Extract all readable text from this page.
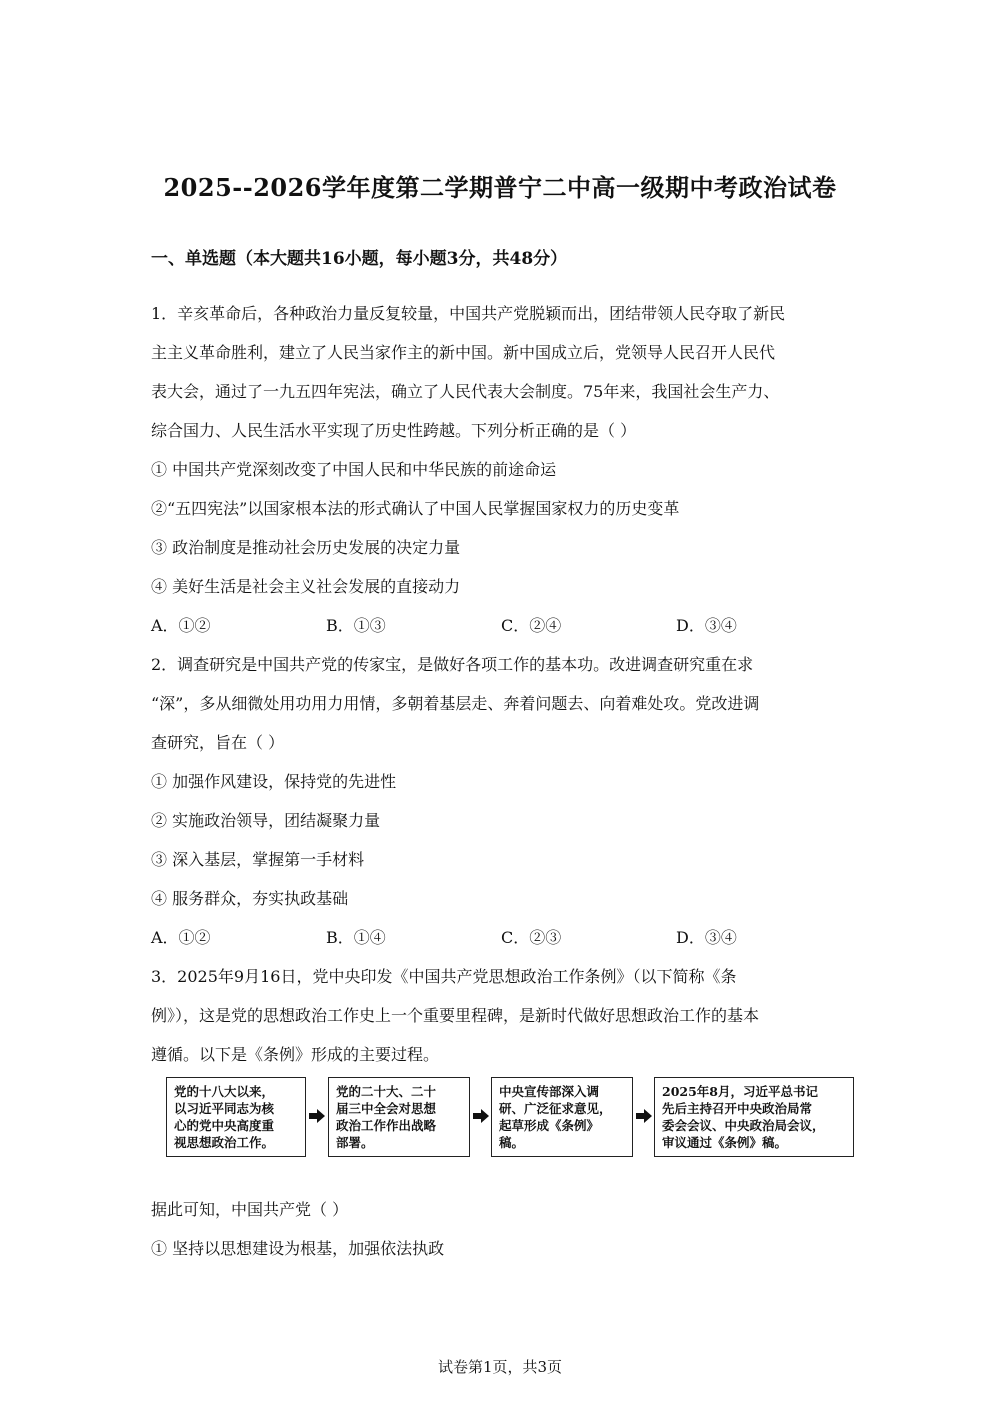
2025--2026学年度第二学期普宁二中高一级期中考政治试卷
一、单选题（本大题共16小题，每小题3分，共48分）
1．辛亥革命后，各种政治力量反复较量，中国共产党脱颖而出，团结带领人民夺取了新民
主主义革命胜利，建立了人民当家作主的新中国。新中国成立后，党领导人民召开人民代
表大会，通过了一九五四年宪法，确立了人民代表大会制度。75年来，我国社会生产力、
综合国力、人民生活水平实现了历史性跨越。下列分析正确的是（ ）
① 中国共产党深刻改变了中国人民和中华民族的前途命运
②“五四宪法”以国家根本法的形式确认了中国人民掌握国家权力的历史变革
③ 政治制度是推动社会历史发展的决定力量
④ 美好生活是社会主义社会发展的直接动力
A．①②	B．①③	C．②④	D．③④
2．调查研究是中国共产党的传家宝，是做好各项工作的基本功。改进调查研究重在求
“深”，多从细微处用功用力用情，多朝着基层走、奔着问题去、向着难处攻。党改进调
查研究，旨在（ ）
① 加强作风建设，保持党的先进性
② 实施政治领导，团结凝聚力量
③ 深入基层，掌握第一手材料
④ 服务群众，夯实执政基础
A．①②	B．①④	C．②③	D．③④
3．2025年9月16日，党中央印发《中国共产党思想政治工作条例》（以下简称《条
例》），这是党的思想政治工作史上一个重要里程碑，是新时代做好思想政治工作的基本
遵循。以下是《条例》形成的主要过程。
党的十八大以来，
以习近平同志为核
心的党中央高度重
视思想政治工作。
党的二十大、二十
届三中全会对思想
政治工作作出战略
部署。
中央宣传部深入调
研、广泛征求意见，
起草形成《条例》
稿。
2025年8月，习近平总书记
先后主持召开中央政治局常
委会会议、中央政治局会议，
审议通过《条例》稿。
据此可知，中国共产党（ ）
① 坚持以思想建设为根基，加强依法执政
试卷第1页，共3页
